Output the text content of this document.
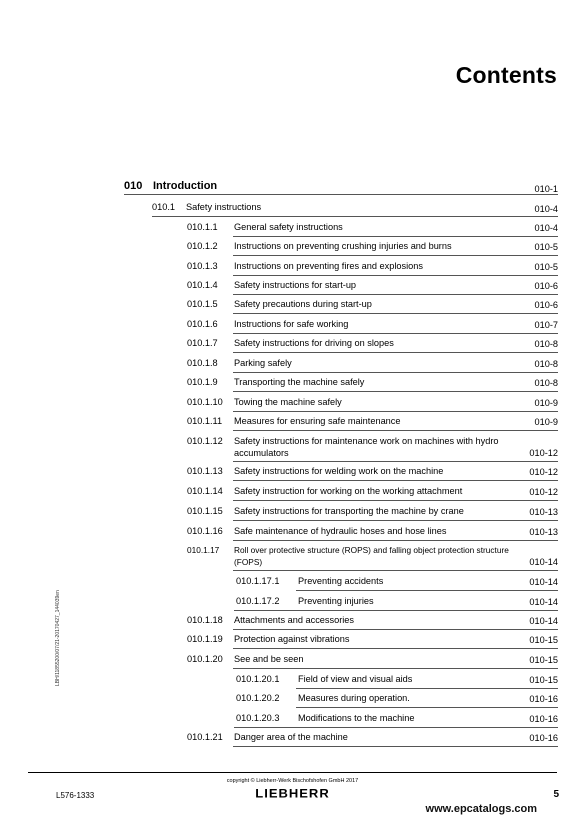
Contents
010 Introduction	010-1
010.1 Safety instructions	010-4
010.1.1 General safety instructions	010-4
010.1.2 Instructions on preventing crushing injuries and burns	010-5
010.1.3 Instructions on preventing fires and explosions	010-5
010.1.4 Safety instructions for start-up	010-6
010.1.5 Safety precautions during start-up	010-6
010.1.6 Instructions for safe working	010-7
010.1.7 Safety instructions for driving on slopes	010-8
010.1.8 Parking safely	010-8
010.1.9 Transporting the machine safely	010-8
010.1.10 Towing the machine safely	010-9
010.1.11 Measures for ensuring safe maintenance	010-9
010.1.12 Safety instructions for maintenance work on machines with hydro accumulators	010-12
010.1.13 Safety instructions for welding work on the machine	010-12
010.1.14 Safety instruction for working on the working attachment	010-12
010.1.15 Safety instructions for transporting the machine by crane	010-13
010.1.16 Safe maintenance of hydraulic hoses and hose lines	010-13
010.1.17 Roll over protective structure (ROPS) and falling object protection structure (FOPS)	010-14
010.1.17.1 Preventing accidents	010-14
010.1.17.2 Preventing injuries	010-14
010.1.18 Attachments and accessories	010-14
010.1.19 Protection against vibrations	010-15
010.1.20 See and be seen	010-15
010.1.20.1 Field of view and visual aids	010-15
010.1.20.2 Measures during operation.	010-16
010.1.20.3 Modifications to the machine	010-16
010.1.21 Danger area of the machine	010-16
LBH/11855200/07/21-20170427_144039en
copyright © Liebherr-Werk Bischofshofen GmbH 2017
L576-1333	LIEBHERR	5
www.epcatalogs.com
